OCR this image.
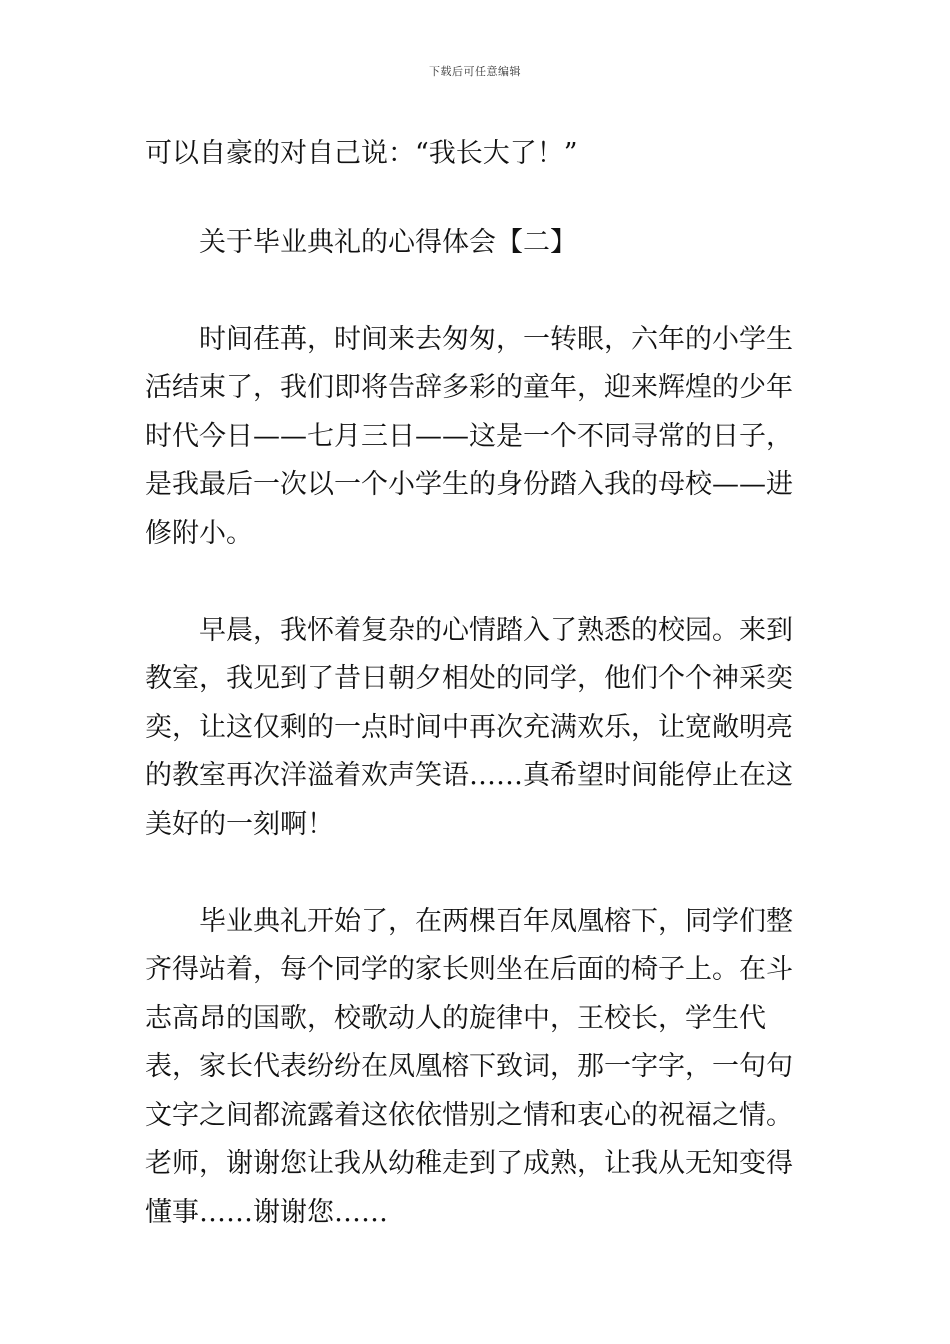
下载后可任意编辑

可以自豪的对自己说：“我长大了！”

关于毕业典礼的心得体会【二】

时间荏苒，时间来去匆匆，一转眼，六年的小学生活结束了，我们即将告辞多彩的童年，迎来辉煌的少年时代今日——七月三日——这是一个不同寻常的日子，是我最后一次以一个小学生的身份踏入我的母校——进修附小。

早晨，我怀着复杂的心情踏入了熟悉的校园。来到教室，我见到了昔日朝夕相处的同学，他们个个神采奕奕，让这仅剩的一点时间中再次充满欢乐，让宽敞明亮的教室再次洋溢着欢声笑语……真希望时间能停止在这美好的一刻啊！

毕业典礼开始了，在两棵百年凤凰榕下，同学们整齐得站着，每个同学的家长则坐在后面的椅子上。在斗志高昂的国歌，校歌动人的旋律中，王校长，学生代表，家长代表纷纷在凤凰榕下致词，那一字字，一句句文字之间都流露着这依依惜别之情和衷心的祝福之情。老师，谢谢您让我从幼稚走到了成熟，让我从无知变得懂事……谢谢您……
